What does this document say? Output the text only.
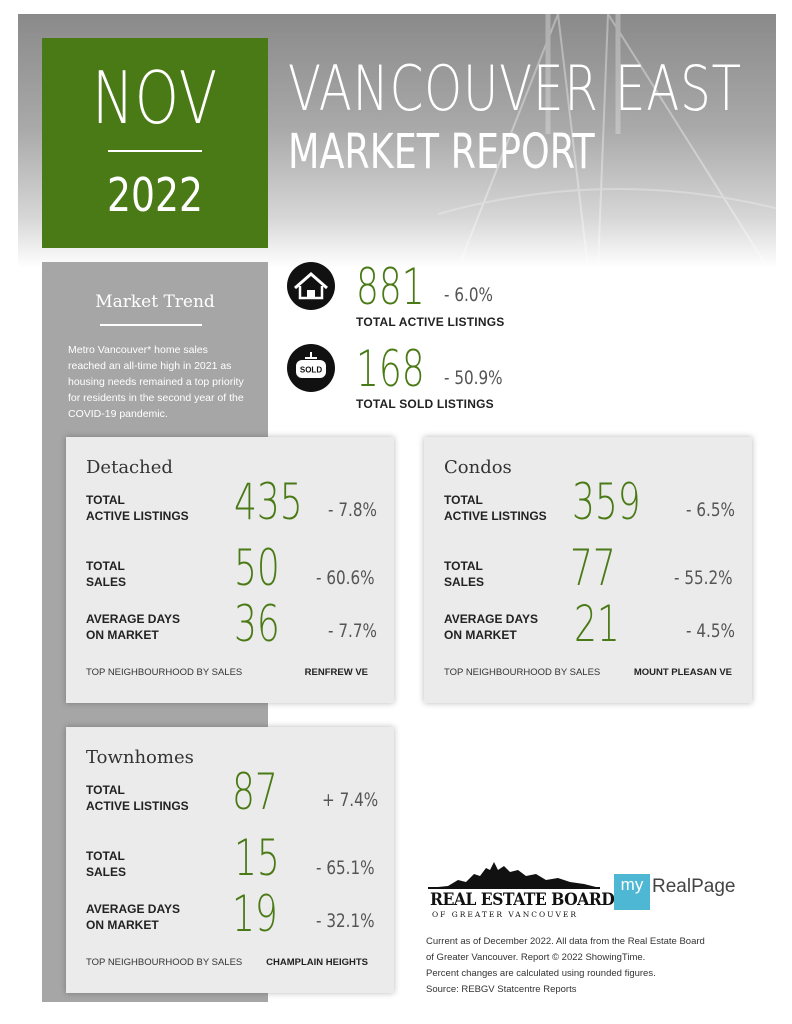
NOV
2022
VANCOUVER EAST
MARKET REPORT
Market Trend
Metro Vancouver* home sales reached an all-time high in 2021 as housing needs remained a top priority for residents in the second year of the COVID-19 pandemic.
881 - 6.0%
TOTAL ACTIVE LISTINGS
SOLD 168 - 50.9%
TOTAL SOLD LISTINGS
Detached
TOTAL
ACTIVE LISTINGS 435 - 7.8%
TOTAL
SALES 50 - 60.6%
AVERAGE DAYS
ON MARKET	36	- 7.7%
TOP NEIGHBOURHOOD BY SALES	RENFREW VE
Condos
TOTAL
ACTIVE LISTINGS 359 - 6.5%
TOTAL
SALES 77	- 55.2%
AVERAGE DAYS
ON MARKET	21	- 4.5%
TOP NEIGHBOURHOOD BY SALES	MOUNT PLEASAN VE
Townhomes
TOTAL
ACTIVE LISTINGS 87 + 7.4%
TOTAL
SALES 15 - 65.1%
AVERAGE DAYS
ON MARKET	19 - 32.1%
TOP NEIGHBOURHOOD BY SALES	CHAMPLAIN HEIGHTS
REAL ESTATE BOARD
OF GREATER VANCOUVER
my RealPage
Current as of December 2022. All data from the Real Estate Board
of Greater Vancouver. Report © 2022 ShowingTime.
Percent changes are calculated using rounded figures.
Source: REBGV Statcentre Reports
